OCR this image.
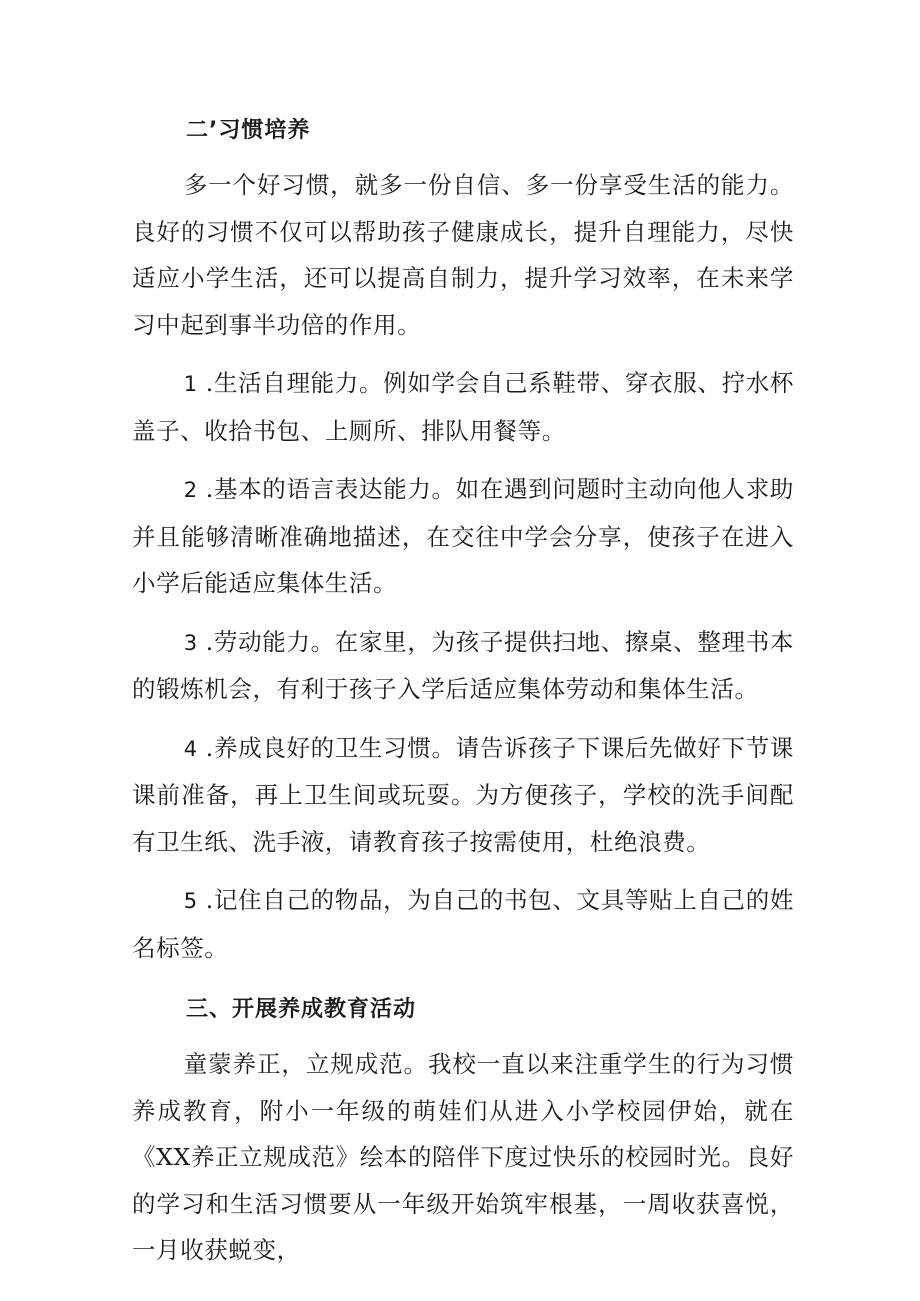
二’习惯培养

多一个好习惯，就多一份自信、多一份享受生活的能力。良好的习惯不仅可以帮助孩子健康成长，提升自理能力，尽快适应小学生活，还可以提高自制力，提升学习效率，在未来学习中起到事半功倍的作用。

1 .生活自理能力。例如学会自己系鞋带、穿衣服、拧水杯盖子、收拾书包、上厕所、排队用餐等。

2 .基本的语言表达能力。如在遇到问题时主动向他人求助并且能够清晰准确地描述，在交往中学会分享，使孩子在进入小学后能适应集体生活。

3 .劳动能力。在家里，为孩子提供扫地、擦桌、整理书本的锻炼机会，有利于孩子入学后适应集体劳动和集体生活。

4 .养成良好的卫生习惯。请告诉孩子下课后先做好下节课课前准备，再上卫生间或玩耍。为方便孩子，学校的洗手间配有卫生纸、洗手液，请教育孩子按需使用，杜绝浪费。

5 .记住自己的物品，为自己的书包、文具等贴上自己的姓名标签。

三、开展养成教育活动

童蒙养正，立规成范。我校一直以来注重学生的行为习惯养成教育，附小一年级的萌娃们从进入小学校园伊始，就在《XX养正立规成范》绘本的陪伴下度过快乐的校园时光。良好的学习和生活习惯要从一年级开始筑牢根基，一周收获喜悦，一月收获蜕变，
